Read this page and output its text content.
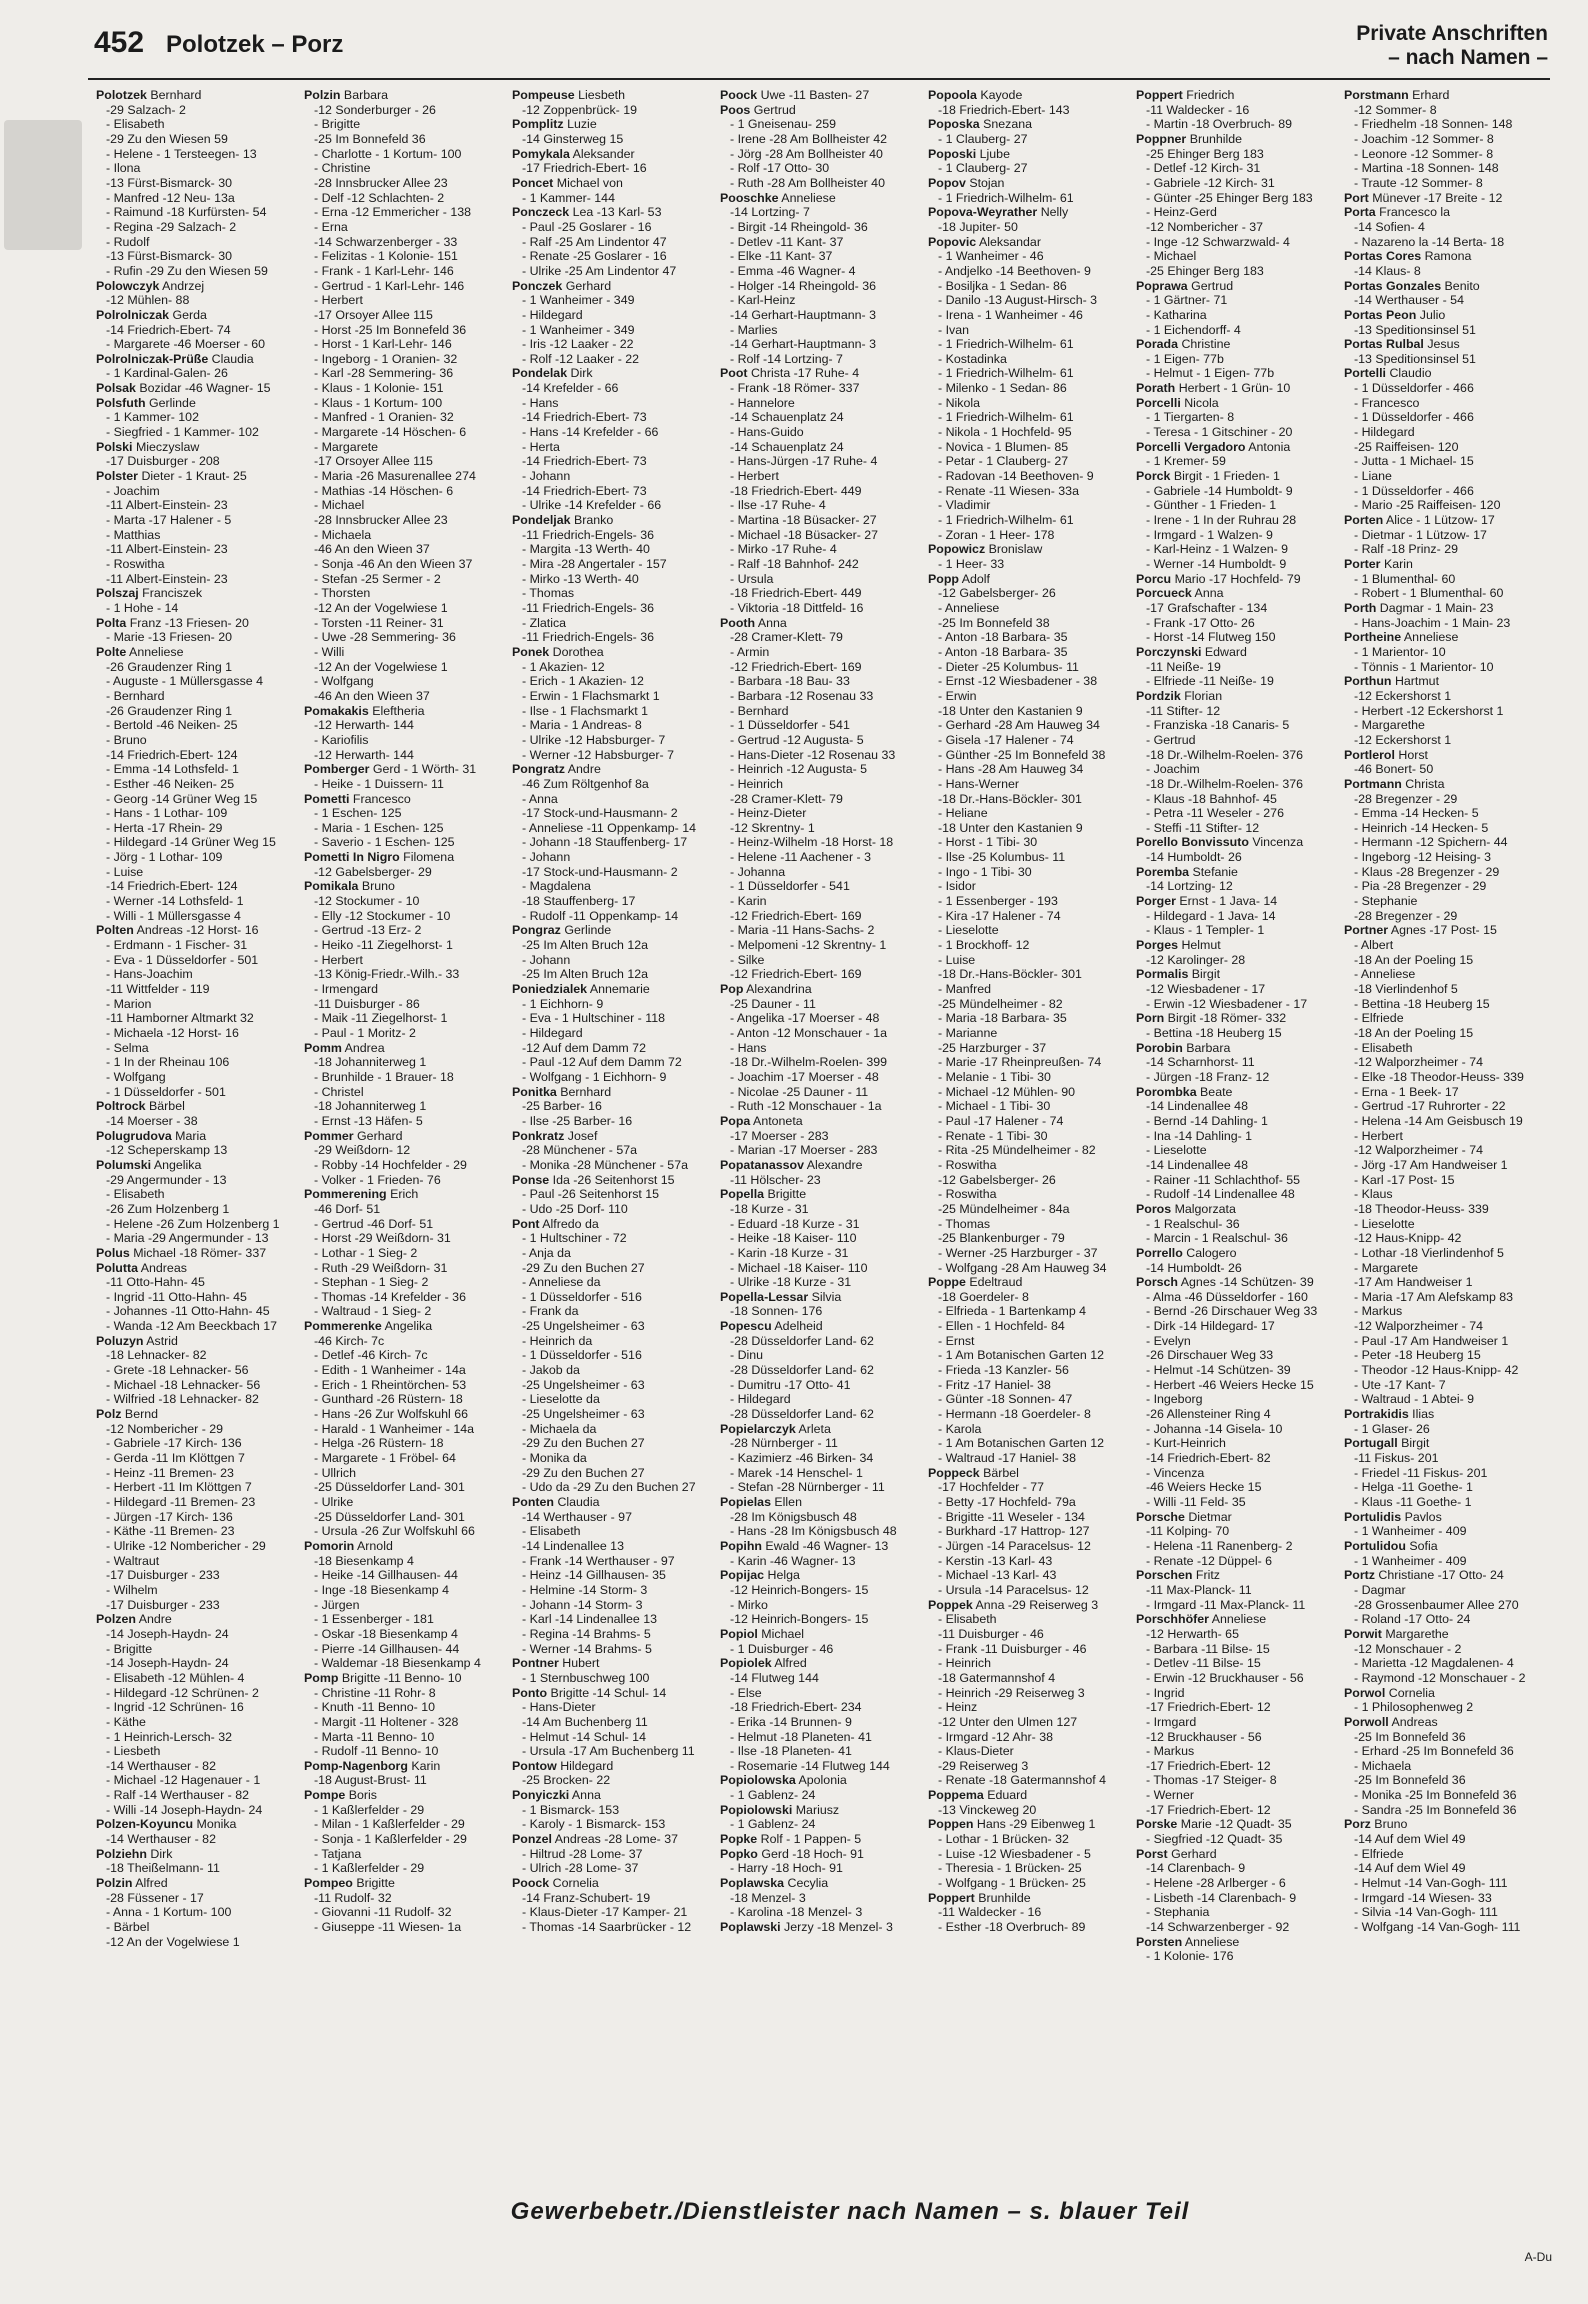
452 Polotzek – Porz	Private Anschriften
– nach Namen –
Polotzek Bernhard
-29 Salzach- 2
- Elisabeth
-29 Zu den Wiesen 59
- Helene - 1 Tersteegen- 13
- Ilona
-13 Fürst-Bismarck- 30
- Manfred -12 Neu- 13a
- Raimund -18 Kurfürsten- 54
- Regina -29 Salzach- 2
- Rudolf
-13 Fürst-Bismarck- 30
- Rufin -29 Zu den Wiesen 59
Polowczyk Andrzej
-12 Mühlen- 88
Polrolniczak Gerda
-14 Friedrich-Ebert- 74
- Margarete -46 Moerser - 60
Polrolniczak-Prüße Claudia
- 1 Kardinal-Galen- 26
Polsak Bozidar -46 Wagner- 15
Polsfuth Gerlinde
- 1 Kammer- 102
- Siegfried - 1 Kammer- 102
Polski Mieczyslaw
-17 Duisburger - 208
Polster Dieter - 1 Kraut- 25
- Joachim
-11 Albert-Einstein- 23
- Marta -17 Halener - 5
- Matthias
-11 Albert-Einstein- 23
- Roswitha
-11 Albert-Einstein- 23
Polszaj Franciszek
- 1 Hohe - 14
Polta Franz -13 Friesen- 20
- Marie -13 Friesen- 20
Polte Anneliese
-26 Graudenzer Ring 1
- Auguste - 1 Müllersgasse 4
- Bernhard
-26 Graudenzer Ring 1
- Bertold -46 Neiken- 25
- Bruno
-14 Friedrich-Ebert- 124
- Emma -14 Lothsfeld- 1
- Esther -46 Neiken- 25
- Georg -14 Grüner Weg 15
- Hans - 1 Lothar- 109
- Herta -17 Rhein- 29
- Hildegard -14 Grüner Weg 15
- Jörg - 1 Lothar- 109
- Luise
-14 Friedrich-Ebert- 124
- Werner -14 Lothsfeld- 1
- Willi - 1 Müllersgasse 4
Polten Andreas -12 Horst- 16
- Erdmann - 1 Fischer- 31
- Eva - 1 Düsseldorfer - 501
- Hans-Joachim
-11 Wittfelder - 119
- Marion
-11 Hamborner Altmarkt 32
- Michaela -12 Horst- 16
- Selma
- 1 In der Rheinau 106
- Wolfgang
- 1 Düsseldorfer - 501
Poltrock Bärbel
-14 Moerser - 38
Polugrudova Maria
-12 Scheperskamp 13
Polumski Angelika
-29 Angermunder - 13
- Elisabeth
-26 Zum Holzenberg 1
- Helene -26 Zum Holzenberg 1
- Maria -29 Angermunder - 13
Polus Michael -18 Römer- 337
Polutta Andreas
-11 Otto-Hahn- 45
- Ingrid -11 Otto-Hahn- 45
- Johannes -11 Otto-Hahn- 45
- Wanda -12 Am Beeckbach 17
Poluzyn Astrid
-18 Lehnacker- 82
- Grete -18 Lehnacker- 56
- Michael -18 Lehnacker- 56
- Wilfried -18 Lehnacker- 82
Polz Bernd
-12 Nombericher - 29
- Gabriele -17 Kirch- 136
- Gerda -11 Im Klöttgen 7
- Heinz -11 Bremen- 23
- Herbert -11 Im Klöttgen 7
- Hildegard -11 Bremen- 23
- Jürgen -17 Kirch- 136
- Käthe -11 Bremen- 23
- Ulrike -12 Nombericher - 29
- Waltraut
-17 Duisburger - 233
- Wilhelm
-17 Duisburger - 233
Polzen Andre
-14 Joseph-Haydn- 24
- Brigitte
-14 Joseph-Haydn- 24
- Elisabeth -12 Mühlen- 4
- Hildegard -12 Schrünen- 2
- Ingrid -12 Schrünen- 16
- Käthe
- 1 Heinrich-Lersch- 32
- Liesbeth
-14 Werthauser - 82
- Michael -12 Hagenauer - 1
- Ralf -14 Werthauser - 82
- Willi -14 Joseph-Haydn- 24
Polzen-Koyuncu Monika
-14 Werthauser - 82
Polziehn Dirk
-18 Theißelmann- 11
Polzin Alfred
-28 Füssener - 17
- Anna - 1 Kortum- 100
- Bärbel
-12 An der Vogelwiese 1
Polzin Barbara
-12 Sonderburger - 26
- Brigitte
-25 Im Bonnefeld 36
- Charlotte - 1 Kortum- 100
- Christine
-28 Innsbrucker Allee 23
- Delf -12 Schlachten- 2
- Erna -12 Emmericher - 138
- Erna
-14 Schwarzenberger - 33
- Felizitas - 1 Kolonie- 151
- Frank - 1 Karl-Lehr- 146
- Gertrud - 1 Karl-Lehr- 146
- Herbert
-17 Orsoyer Allee 115
- Horst -25 Im Bonnefeld 36
- Horst - 1 Karl-Lehr- 146
- Ingeborg - 1 Oranien- 32
- Karl -28 Semmering- 36
- Klaus - 1 Kolonie- 151
- Klaus - 1 Kortum- 100
- Manfred - 1 Oranien- 32
- Margarete -14 Höschen- 6
- Margarete
-17 Orsoyer Allee 115
- Maria -26 Masurenallee 274
- Mathias -14 Höschen- 6
- Michael
-28 Innsbrucker Allee 23
- Michaela
-46 An den Wieen 37
- Sonja -46 An den Wieen 37
- Stefan -25 Sermer - 2
- Thorsten
-12 An der Vogelwiese 1
- Torsten -11 Reiner- 31
- Uwe -28 Semmering- 36
- Willi
-12 An der Vogelwiese 1
- Wolfgang
-46 An den Wieen 37
Pomakakis Eleftheria
-12 Herwarth- 144
- Kariofilis
-12 Herwarth- 144
Pomberger Gerd - 1 Wörth- 31
- Heike - 1 Duissern- 11
Pometti Francesco
- 1 Eschen- 125
- Maria - 1 Eschen- 125
- Saverio - 1 Eschen- 125
Pometti In Nigro Filomena
-12 Gabelsberger- 29
Pomikala Bruno
-12 Stockumer - 10
- Elly -12 Stockumer - 10
- Gertrud -13 Erz- 2
- Heiko -11 Ziegelhorst- 1
- Herbert
-13 König-Friedr.-Wilh.- 33
- Irmengard
-11 Duisburger - 86
- Maik -11 Ziegelhorst- 1
- Paul - 1 Moritz- 2
Pomm Andrea
-18 Johanniterweg 1
- Brunhilde - 1 Brauer- 18
- Christel
-18 Johanniterweg 1
- Ernst -13 Häfen- 5
Pommer Gerhard
-29 Weißdorn- 12
- Robby -14 Hochfelder - 29
- Volker - 1 Frieden- 76
Pommerening Erich
-46 Dorf- 51
- Gertrud -46 Dorf- 51
- Horst -29 Weißdorn- 31
- Lothar - 1 Sieg- 2
- Ruth -29 Weißdorn- 31
- Stephan - 1 Sieg- 2
- Thomas -14 Krefelder - 36
- Waltraud - 1 Sieg- 2
Pommerenke Angelika
-46 Kirch- 7c
- Detlef -46 Kirch- 7c
- Edith - 1 Wanheimer - 14a
- Erich - 1 Rheintörchen- 53
- Gunthard -26 Rüstern- 18
- Hans -26 Zur Wolfskuhl 66
- Harald - 1 Wanheimer - 14a
- Helga -26 Rüstern- 18
- Margarete - 1 Fröbel- 64
- Ullrich
-25 Düsseldorfer Land- 301
- Ulrike
-25 Düsseldorfer Land- 301
- Ursula -26 Zur Wolfskuhl 66
Pomorin Arnold
-18 Biesenkamp 4
- Heike -14 Gillhausen- 44
- Inge -18 Biesenkamp 4
- Jürgen
- 1 Essenberger - 181
- Oskar -18 Biesenkamp 4
- Pierre -14 Gillhausen- 44
- Waldemar -18 Biesenkamp 4
Pomp Brigitte -11 Benno- 10
- Christine -11 Rohr- 8
- Knuth -11 Benno- 10
- Margit -11 Holtener - 328
- Marta -11 Benno- 10
- Rudolf -11 Benno- 10
Pomp-Nagenborg Karin
-18 August-Brust- 11
Pompe Boris
- 1 Kaßlerfelder - 29
- Milan - 1 Kaßlerfelder - 29
- Sonja - 1 Kaßlerfelder - 29
- Tatjana
- 1 Kaßlerfelder - 29
Pompeo Brigitte
-11 Rudolf- 32
- Giovanni -11 Rudolf- 32
- Giuseppe -11 Wiesen- 1a
Pompeuse Liesbeth
-12 Zoppenbrück- 19
Pomplitz Luzie
-14 Ginsterweg 15
Pomykala Aleksander
-17 Friedrich-Ebert- 16
Poncet Michael von
- 1 Kammer- 144
Ponczeck Lea -13 Karl- 53
- Paul -25 Goslarer - 16
- Ralf -25 Am Lindentor 47
- Renate -25 Goslarer - 16
- Ulrike -25 Am Lindentor 47
Ponczek Gerhard
- 1 Wanheimer - 349
- Hildegard
- 1 Wanheimer - 349
- Iris -12 Laaker - 22
- Rolf -12 Laaker - 22
Pondelak Dirk
-14 Krefelder - 66
- Hans
-14 Friedrich-Ebert- 73
- Hans -14 Krefelder - 66
- Herta
-14 Friedrich-Ebert- 73
- Johann
-14 Friedrich-Ebert- 73
- Ulrike -14 Krefelder - 66
Pondeljak Branko
-11 Friedrich-Engels- 36
- Margita -13 Werth- 40
- Mira -28 Angertaler - 157
- Mirko -13 Werth- 40
- Thomas
-11 Friedrich-Engels- 36
- Zlatica
-11 Friedrich-Engels- 36
Ponek Dorothea
- 1 Akazien- 12
- Erich - 1 Akazien- 12
- Erwin - 1 Flachsmarkt 1
- Ilse - 1 Flachsmarkt 1
- Maria - 1 Andreas- 8
- Ulrike -12 Habsburger- 7
- Werner -12 Habsburger- 7
Pongratz Andre
-46 Zum Röltgenhof 8a
- Anna
-17 Stock-und-Hausmann- 2
- Anneliese -11 Oppenkamp- 14
- Johann -18 Stauffenberg- 17
- Johann
-17 Stock-und-Hausmann- 2
- Magdalena
-18 Stauffenberg- 17
- Rudolf -11 Oppenkamp- 14
Pongraz Gerlinde
-25 Im Alten Bruch 12a
- Johann
-25 Im Alten Bruch 12a
Poniedzialek Annemarie
- 1 Eichhorn- 9
- Eva - 1 Hultschiner - 118
- Hildegard
-12 Auf dem Damm 72
- Paul -12 Auf dem Damm 72
- Wolfgang - 1 Eichhorn- 9
Ponitka Bernhard
-25 Barber- 16
- Ilse -25 Barber- 16
Ponkratz Josef
-28 Münchener - 57a
- Monika -28 Münchener - 57a
Ponse Ida -26 Seitenhorst 15
- Paul -26 Seitenhorst 15
- Udo -25 Dorf- 110
Pont Alfredo da
- 1 Hultschiner - 72
- Anja da
-29 Zu den Buchen 27
- Anneliese da
- 1 Düsseldorfer - 516
- Frank da
-25 Ungelsheimer - 63
- Heinrich da
- 1 Düsseldorfer - 516
- Jakob da
-25 Ungelsheimer - 63
- Lieselotte da
-25 Ungelsheimer - 63
- Michaela da
-29 Zu den Buchen 27
- Monika da
-29 Zu den Buchen 27
- Udo da -29 Zu den Buchen 27
Ponten Claudia
-14 Werthauser - 97
- Elisabeth
-14 Lindenallee 13
- Frank -14 Werthauser - 97
- Heinz -14 Gillhausen- 35
- Helmine -14 Storm- 3
- Johann -14 Storm- 3
- Karl -14 Lindenallee 13
- Regina -14 Brahms- 5
- Werner -14 Brahms- 5
Pontner Hubert
- 1 Sternbuschweg 100
Ponto Brigitte -14 Schul- 14
- Hans-Dieter
-14 Am Buchenberg 11
- Helmut -14 Schul- 14
- Ursula -17 Am Buchenberg 11
Pontow Hildegard
-25 Brocken- 22
Ponyiczki Anna
- 1 Bismarck- 153
- Karoly - 1 Bismarck- 153
Ponzel Andreas -28 Lome- 37
- Hiltrud -28 Lome- 37
- Ulrich -28 Lome- 37
Poock Cornelia
-14 Franz-Schubert- 19
- Klaus-Dieter -17 Kamper- 21
- Thomas -14 Saarbrücker - 12
Poock Uwe -11 Basten- 27
Poos Gertrud
- 1 Gneisenau- 259
- Irene -28 Am Bollheister 42
- Jörg -28 Am Bollheister 40
- Rolf -17 Otto- 30
- Ruth -28 Am Bollheister 40
Pooschke Anneliese
-14 Lortzing- 7
- Birgit -14 Rheingold- 36
- Detlev -11 Kant- 37
- Elke -11 Kant- 37
- Emma -46 Wagner- 4
- Holger -14 Rheingold- 36
- Karl-Heinz
-14 Gerhart-Hauptmann- 3
- Marlies
-14 Gerhart-Hauptmann- 3
- Rolf -14 Lortzing- 7
Poot Christa -17 Ruhe- 4
- Frank -18 Römer- 337
- Hannelore
-14 Schauenplatz 24
- Hans-Guido
-14 Schauenplatz 24
- Hans-Jürgen -17 Ruhe- 4
- Herbert
-18 Friedrich-Ebert- 449
- Ilse -17 Ruhe- 4
- Martina -18 Büsacker- 27
- Michael -18 Büsacker- 27
- Mirko -17 Ruhe- 4
- Ralf -18 Bahnhof- 242
- Ursula
-18 Friedrich-Ebert- 449
- Viktoria -18 Dittfeld- 16
Pooth Anna
-28 Cramer-Klett- 79
- Armin
-12 Friedrich-Ebert- 169
- Barbara -18 Bau- 33
- Barbara -12 Rosenau 33
- Bernhard
- 1 Düsseldorfer - 541
- Gertrud -12 Augusta- 5
- Hans-Dieter -12 Rosenau 33
- Heinrich -12 Augusta- 5
- Heinrich
-28 Cramer-Klett- 79
- Heinz-Dieter
-12 Skrentny- 1
- Heinz-Wilhelm -18 Horst- 18
- Helene -11 Aachener - 3
- Johanna
- 1 Düsseldorfer - 541
- Karin
-12 Friedrich-Ebert- 169
- Maria -11 Hans-Sachs- 2
- Melpomeni -12 Skrentny- 1
- Silke
-12 Friedrich-Ebert- 169
Pop Alexandrina
-25 Dauner - 11
- Angelika -17 Moerser - 48
- Anton -12 Monschauer - 1a
- Hans
-18 Dr.-Wilhelm-Roelen- 399
- Joachim -17 Moerser - 48
- Nicolae -25 Dauner - 11
- Ruth -12 Monschauer - 1a
Popa Antoneta
-17 Moerser - 283
- Marian -17 Moerser - 283
Popatanassov Alexandre
-11 Hölscher- 23
Popella Brigitte
-18 Kurze - 31
- Eduard -18 Kurze - 31
- Heike -18 Kaiser- 110
- Karin -18 Kurze - 31
- Michael -18 Kaiser- 110
- Ulrike -18 Kurze - 31
Popella-Lessar Silvia
-18 Sonnen- 176
Popescu Adelheid
-28 Düsseldorfer Land- 62
- Dinu
-28 Düsseldorfer Land- 62
- Dumitru -17 Otto- 41
- Hildegard
-28 Düsseldorfer Land- 62
Popielarczyk Arleta
-28 Nürnberger - 11
- Kazimierz -46 Birken- 34
- Marek -14 Henschel- 1
- Stefan -28 Nürnberger - 11
Popielas Ellen
-28 Im Königsbusch 48
- Hans -28 Im Königsbusch 48
Popihn Ewald -46 Wagner- 13
- Karin -46 Wagner- 13
Popijac Helga
-12 Heinrich-Bongers- 15
- Mirko
-12 Heinrich-Bongers- 15
Popiol Michael
- 1 Duisburger - 46
Popiolek Alfred
-14 Flutweg 144
- Else
-18 Friedrich-Ebert- 234
- Erika -14 Brunnen- 9
- Helmut -18 Planeten- 41
- Ilse -18 Planeten- 41
- Rosemarie -14 Flutweg 144
Popiolowska Apolonia
- 1 Gablenz- 24
Popiolowski Mariusz
- 1 Gablenz- 24
Popke Rolf - 1 Pappen- 5
Popko Gerd -18 Hoch- 91
- Harry -18 Hoch- 91
Poplawska Cecylia
-18 Menzel- 3
- Karolina -18 Menzel- 3
Poplawski Jerzy -18 Menzel- 3
Popoola Kayode
-18 Friedrich-Ebert- 143
Poposka Snezana
- 1 Clauberg- 27
Poposki Ljube
- 1 Clauberg- 27
Popov Stojan
- 1 Friedrich-Wilhelm- 61
Popova-Weyrather Nelly
-18 Jupiter- 50
Popovic Aleksandar
- 1 Wanheimer - 46
- Andjelko -14 Beethoven- 9
- Bosiljka - 1 Sedan- 86
- Danilo -13 August-Hirsch- 3
- Irena - 1 Wanheimer - 46
- Ivan
- 1 Friedrich-Wilhelm- 61
- Kostadinka
- 1 Friedrich-Wilhelm- 61
- Milenko - 1 Sedan- 86
- Nikola
- 1 Friedrich-Wilhelm- 61
- Nikola - 1 Hochfeld- 95
- Novica - 1 Blumen- 85
- Petar - 1 Clauberg- 27
- Radovan -14 Beethoven- 9
- Renate -11 Wiesen- 33a
- Vladimir
- 1 Friedrich-Wilhelm- 61
- Zoran - 1 Heer- 178
Popowicz Bronislaw
- 1 Heer- 33
Popp Adolf
-12 Gabelsberger- 26
- Anneliese
-25 Im Bonnefeld 38
- Anton -18 Barbara- 35
- Anton -18 Barbara- 35
- Dieter -25 Kolumbus- 11
- Ernst -12 Wiesbadener - 38
- Erwin
-18 Unter den Kastanien 9
- Gerhard -28 Am Hauweg 34
- Gisela -17 Halener - 74
- Günther -25 Im Bonnefeld 38
- Hans -28 Am Hauweg 34
- Hans-Werner
-18 Dr.-Hans-Böckler- 301
- Heliane
-18 Unter den Kastanien 9
- Horst - 1 Tibi- 30
- Ilse -25 Kolumbus- 11
- Ingo - 1 Tibi- 30
- Isidor
- 1 Essenberger - 193
- Kira -17 Halener - 74
- Lieselotte
- 1 Brockhoff- 12
- Luise
-18 Dr.-Hans-Böckler- 301
- Manfred
-25 Mündelheimer - 82
- Maria -18 Barbara- 35
- Marianne
-25 Harzburger - 37
- Marie -17 Rheinpreußen- 74
- Melanie - 1 Tibi- 30
- Michael -12 Mühlen- 90
- Michael - 1 Tibi- 30
- Paul -17 Halener - 74
- Renate - 1 Tibi- 30
- Rita -25 Mündelheimer - 82
- Roswitha
-12 Gabelsberger- 26
- Roswitha
-25 Mündelheimer - 84a
- Thomas
-25 Blankenburger - 79
- Werner -25 Harzburger - 37
- Wolfgang -28 Am Hauweg 34
Poppe Edeltraud
-18 Goerdeler- 8
- Elfrieda - 1 Bartenkamp 4
- Ellen - 1 Hochfeld- 84
- Ernst
- 1 Am Botanischen Garten 12
- Frieda -13 Kanzler- 56
- Fritz -17 Haniel- 38
- Günter -18 Sonnen- 47
- Hermann -18 Goerdeler- 8
- Karola
- 1 Am Botanischen Garten 12
- Waltraud -17 Haniel- 38
Poppeck Bärbel
-17 Hochfelder - 77
- Betty -17 Hochfeld- 79a
- Brigitte -11 Weseler - 134
- Burkhard -17 Hattrop- 127
- Jürgen -14 Paracelsus- 12
- Kerstin -13 Karl- 43
- Michael -13 Karl- 43
- Ursula -14 Paracelsus- 12
Poppek Anna -29 Reiserweg 3
- Elisabeth
-11 Duisburger - 46
- Frank -11 Duisburger - 46
- Heinrich
-18 Gatermannshof 4
- Heinrich -29 Reiserweg 3
- Heinz
-12 Unter den Ulmen 127
- Irmgard -12 Ahr- 38
- Klaus-Dieter
-29 Reiserweg 3
- Renate -18 Gatermannshof 4
Poppema Eduard
-13 Vinckeweg 20
Poppen Hans -29 Eibenweg 1
- Lothar - 1 Brücken- 32
- Luise -12 Wiesbadener - 5
- Theresia - 1 Brücken- 25
- Wolfgang - 1 Brücken- 25
Poppert Brunhilde
-11 Waldecker - 16
- Esther -18 Overbruch- 89
Poppert Friedrich
-11 Waldecker - 16
- Martin -18 Overbruch- 89
Poppner Brunhilde
-25 Ehinger Berg 183
- Detlef -12 Kirch- 31
- Gabriele -12 Kirch- 31
- Günter -25 Ehinger Berg 183
- Heinz-Gerd
-12 Nombericher - 37
- Inge -12 Schwarzwald- 4
- Michael
-25 Ehinger Berg 183
Poprawa Gertrud
- 1 Gärtner- 71
- Katharina
- 1 Eichendorff- 4
Porada Christine
- 1 Eigen- 77b
- Helmut - 1 Eigen- 77b
Porath Herbert - 1 Grün- 10
Porcelli Nicola
- 1 Tiergarten- 8
- Teresa - 1 Gitschiner - 20
Porcelli Vergadoro Antonia
- 1 Kremer- 59
Porck Birgit - 1 Frieden- 1
- Gabriele -14 Humboldt- 9
- Günther - 1 Frieden- 1
- Irene - 1 In der Ruhrau 28
- Irmgard - 1 Walzen- 9
- Karl-Heinz - 1 Walzen- 9
- Werner -14 Humboldt- 9
Porcu Mario -17 Hochfeld- 79
Porcueck Anna
-17 Grafschafter - 134
- Frank -17 Otto- 26
- Horst -14 Flutweg 150
Porczynski Edward
-11 Neiße- 19
- Elfriede -11 Neiße- 19
Pordzik Florian
-11 Stifter- 12
- Franziska -18 Canaris- 5
- Gertrud
-18 Dr.-Wilhelm-Roelen- 376
- Joachim
-18 Dr.-Wilhelm-Roelen- 376
- Klaus -18 Bahnhof- 45
- Petra -11 Weseler - 276
- Steffi -11 Stifter- 12
Porello Bonvissuto Vincenza
-14 Humboldt- 26
Poremba Stefanie
-14 Lortzing- 12
Porger Ernst - 1 Java- 14
- Hildegard - 1 Java- 14
- Klaus - 1 Templer- 1
Porges Helmut
-12 Karolinger- 28
Pormalis Birgit
-12 Wiesbadener - 17
- Erwin -12 Wiesbadener - 17
Porn Birgit -18 Römer- 332
- Bettina -18 Heuberg 15
Porobin Barbara
-14 Scharnhorst- 11
- Jürgen -18 Franz- 12
Porombka Beate
-14 Lindenallee 48
- Bernd -14 Dahling- 1
- Ina -14 Dahling- 1
- Lieselotte
-14 Lindenallee 48
- Rainer -11 Schlachthof- 55
- Rudolf -14 Lindenallee 48
Poros Malgorzata
- 1 Realschul- 36
- Marcin - 1 Realschul- 36
Porrello Calogero
-14 Humboldt- 26
Porsch Agnes -14 Schützen- 39
- Alma -46 Düsseldorfer - 160
- Bernd -26 Dirschauer Weg 33
- Dirk -14 Hildegard- 17
- Evelyn
-26 Dirschauer Weg 33
- Helmut -14 Schützen- 39
- Herbert -46 Weiers Hecke 15
- Ingeborg
-26 Allensteiner Ring 4
- Johanna -14 Gisela- 10
- Kurt-Heinrich
-14 Friedrich-Ebert- 82
- Vincenza
-46 Weiers Hecke 15
- Willi -11 Feld- 35
Porsche Dietmar
-11 Kolping- 70
- Helena -11 Ranenberg- 2
- Renate -12 Düppel- 6
Porschen Fritz
-11 Max-Planck- 11
- Irmgard -11 Max-Planck- 11
Porschhöfer Anneliese
-12 Herwarth- 65
- Barbara -11 Bilse- 15
- Detlev -11 Bilse- 15
- Erwin -12 Bruckhauser - 56
- Ingrid
-17 Friedrich-Ebert- 12
- Irmgard
-12 Bruckhauser - 56
- Markus
-17 Friedrich-Ebert- 12
- Thomas -17 Steiger- 8
- Werner
-17 Friedrich-Ebert- 12
Porske Marie -12 Quadt- 35
- Siegfried -12 Quadt- 35
Porst Gerhard
-14 Clarenbach- 9
- Helene -28 Arlberger - 6
- Lisbeth -14 Clarenbach- 9
- Stephania
-14 Schwarzenberger - 92
Porsten Anneliese
- 1 Kolonie- 176
Porstmann Erhard
-12 Sommer- 8
- Friedhelm -18 Sonnen- 148
- Joachim -12 Sommer- 8
- Leonore -12 Sommer- 8
- Martina -18 Sonnen- 148
- Traute -12 Sommer- 8
Port Münever -17 Breite - 12
Porta Francesco la
-14 Sofien- 4
- Nazareno la -14 Berta- 18
Portas Cores Ramona
-14 Klaus- 8
Portas Gonzales Benito
-14 Werthauser - 54
Portas Peon Julio
-13 Speditionsinsel 51
Portas Rulbal Jesus
-13 Speditionsinsel 51
Portelli Claudio
- 1 Düsseldorfer - 466
- Francesco
- 1 Düsseldorfer - 466
- Hildegard
-25 Raiffeisen- 120
- Jutta - 1 Michael- 15
- Liane
- 1 Düsseldorfer - 466
- Mario -25 Raiffeisen- 120
Porten Alice - 1 Lützow- 17
- Dietmar - 1 Lützow- 17
- Ralf -18 Prinz- 29
Porter Karin
- 1 Blumenthal- 60
- Robert - 1 Blumenthal- 60
Porth Dagmar - 1 Main- 23
- Hans-Joachim - 1 Main- 23
Portheine Anneliese
- 1 Marientor- 10
- Tönnis - 1 Marientor- 10
Porthun Hartmut
-12 Eckershorst 1
- Herbert -12 Eckershorst 1
- Margarethe
-12 Eckershorst 1
Portlerol Horst
-46 Bonert- 50
Portmann Christa
-28 Bregenzer - 29
- Emma -14 Hecken- 5
- Heinrich -14 Hecken- 5
- Hermann -12 Spichern- 44
- Ingeborg -12 Heising- 3
- Klaus -28 Bregenzer - 29
- Pia -28 Bregenzer - 29
- Stephanie
-28 Bregenzer - 29
Portner Agnes -17 Post- 15
- Albert
-18 An der Poeling 15
- Anneliese
-18 Vierlindenhof 5
- Bettina -18 Heuberg 15
- Elfriede
-18 An der Poeling 15
- Elisabeth
-12 Walporzheimer - 74
- Elke -18 Theodor-Heuss- 339
- Erna - 1 Beek- 17
- Gertrud -17 Ruhrorter - 22
- Helena -14 Am Geisbusch 19
- Herbert
-12 Walporzheimer - 74
- Jörg -17 Am Handweiser 1
- Karl -17 Post- 15
- Klaus
-18 Theodor-Heuss- 339
- Lieselotte
-12 Haus-Knipp- 42
- Lothar -18 Vierlindenhof 5
- Margarete
-17 Am Handweiser 1
- Maria -17 Am Alefskamp 83
- Markus
-12 Walporzheimer - 74
- Paul -17 Am Handweiser 1
- Peter -18 Heuberg 15
- Theodor -12 Haus-Knipp- 42
- Ute -17 Kant- 7
- Waltraud - 1 Abtei- 9
Portrakidis Ilias
- 1 Glaser- 26
Portugall Birgit
-11 Fiskus- 201
- Friedel -11 Fiskus- 201
- Helga -11 Goethe- 1
- Klaus -11 Goethe- 1
Portulidis Pavlos
- 1 Wanheimer - 409
Portulidou Sofia
- 1 Wanheimer - 409
Portz Christiane -17 Otto- 24
- Dagmar
-28 Grossenbaumer Allee 270
- Roland -17 Otto- 24
Porwit Margarethe
-12 Monschauer - 2
- Marietta -12 Magdalenen- 4
- Raymond -12 Monschauer - 2
Porwol Cornelia
- 1 Philosophenweg 2
Porwoll Andreas
-25 Im Bonnefeld 36
- Erhard -25 Im Bonnefeld 36
- Michaela
-25 Im Bonnefeld 36
- Monika -25 Im Bonnefeld 36
- Sandra -25 Im Bonnefeld 36
Porz Bruno
-14 Auf dem Wiel 49
- Elfriede
-14 Auf dem Wiel 49
- Helmut -14 Van-Gogh- 111
- Irmgard -14 Wiesen- 33
- Silvia -14 Van-Gogh- 111
- Wolfgang -14 Van-Gogh- 111
Gewerbebetr./Dienstleister nach Namen – s. blauer Teil
A-Du
